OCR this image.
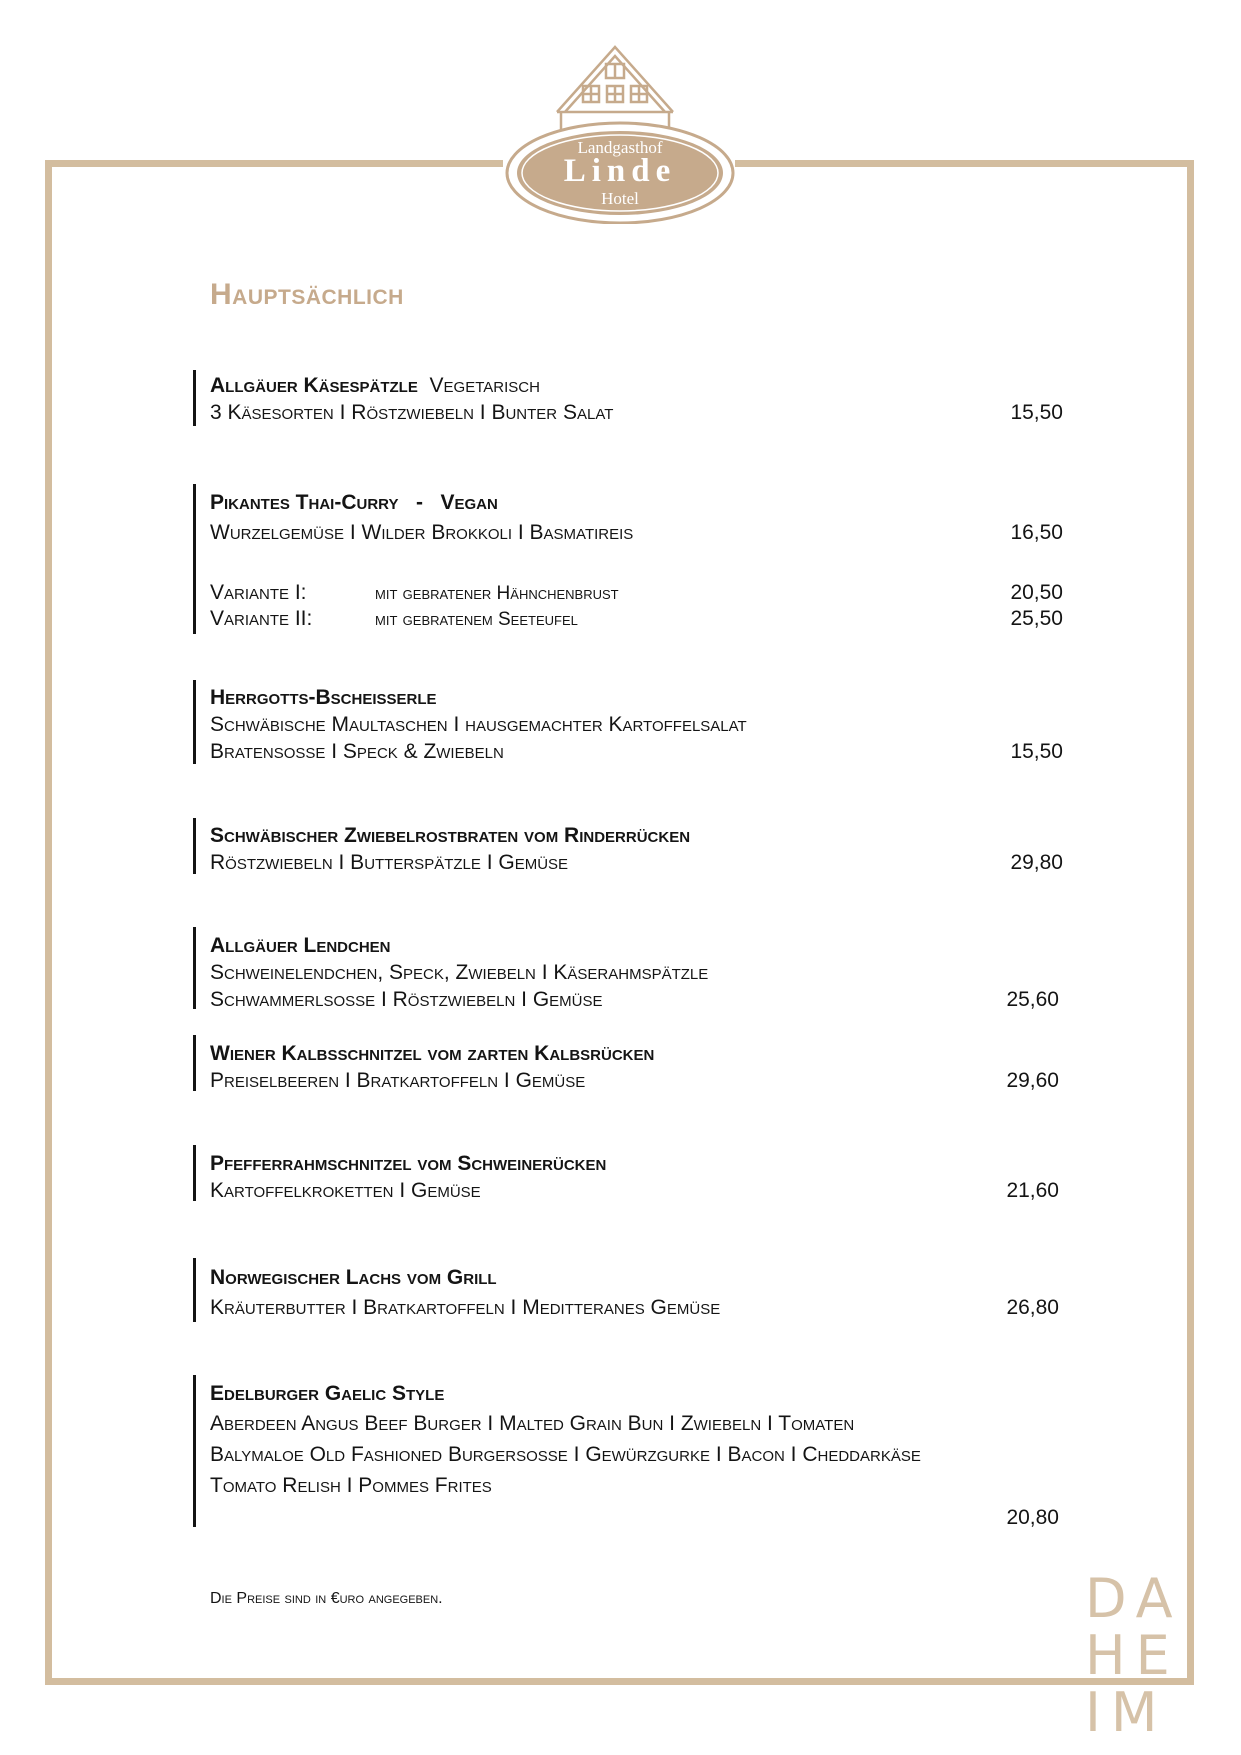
Landgasthof
Linde
Hotel
Hauptsächlich
Allgäuer Käsespätzle Vegetarisch
3 Käsesorten I Röstzwiebeln I Bunter Salat	15,50
Pikantes Thai-Curry   -   Vegan
Wurzelgemüse I Wilder Brokkoli I Basmatireis	16,50
Variante I:	mit gebratener Hähnchenbrust	20,50
Variante II:	mit gebratenem Seeteufel	25,50
Herrgotts-Bscheisserle
Schwäbische Maultaschen I hausgemachter Kartoffelsalat
Bratensoße I Speck & Zwiebeln	15,50
Schwäbischer Zwiebelrostbraten vom Rinderrücken
Röstzwiebeln I Butterspätzle I Gemüse	29,80
Allgäuer Lendchen
Schweinelendchen, Speck, Zwiebeln I Käserahmspätzle
Schwammerlsoße I Röstzwiebeln I Gemüse	25,60
Wiener Kalbsschnitzel vom zarten Kalbsrücken
Preiselbeeren I Bratkartoffeln I Gemüse	29,60
Pfefferrahmschnitzel vom Schweinerücken
Kartoffelkroketten I Gemüse	21,60
Norwegischer Lachs vom Grill
Kräuterbutter I Bratkartoffeln I Meditteranes Gemüse	26,80
Edelburger Gaelic Style
Aberdeen Angus Beef Burger I Malted Grain Bun I Zwiebeln I Tomaten
Balymaloe Old Fashioned Burgersoße I Gewürzgurke I Bacon I Cheddarkäse
Tomato Relish I Pommes Frites
20,80
Die Preise sind in €uro angegeben.	DA
HE
IM
